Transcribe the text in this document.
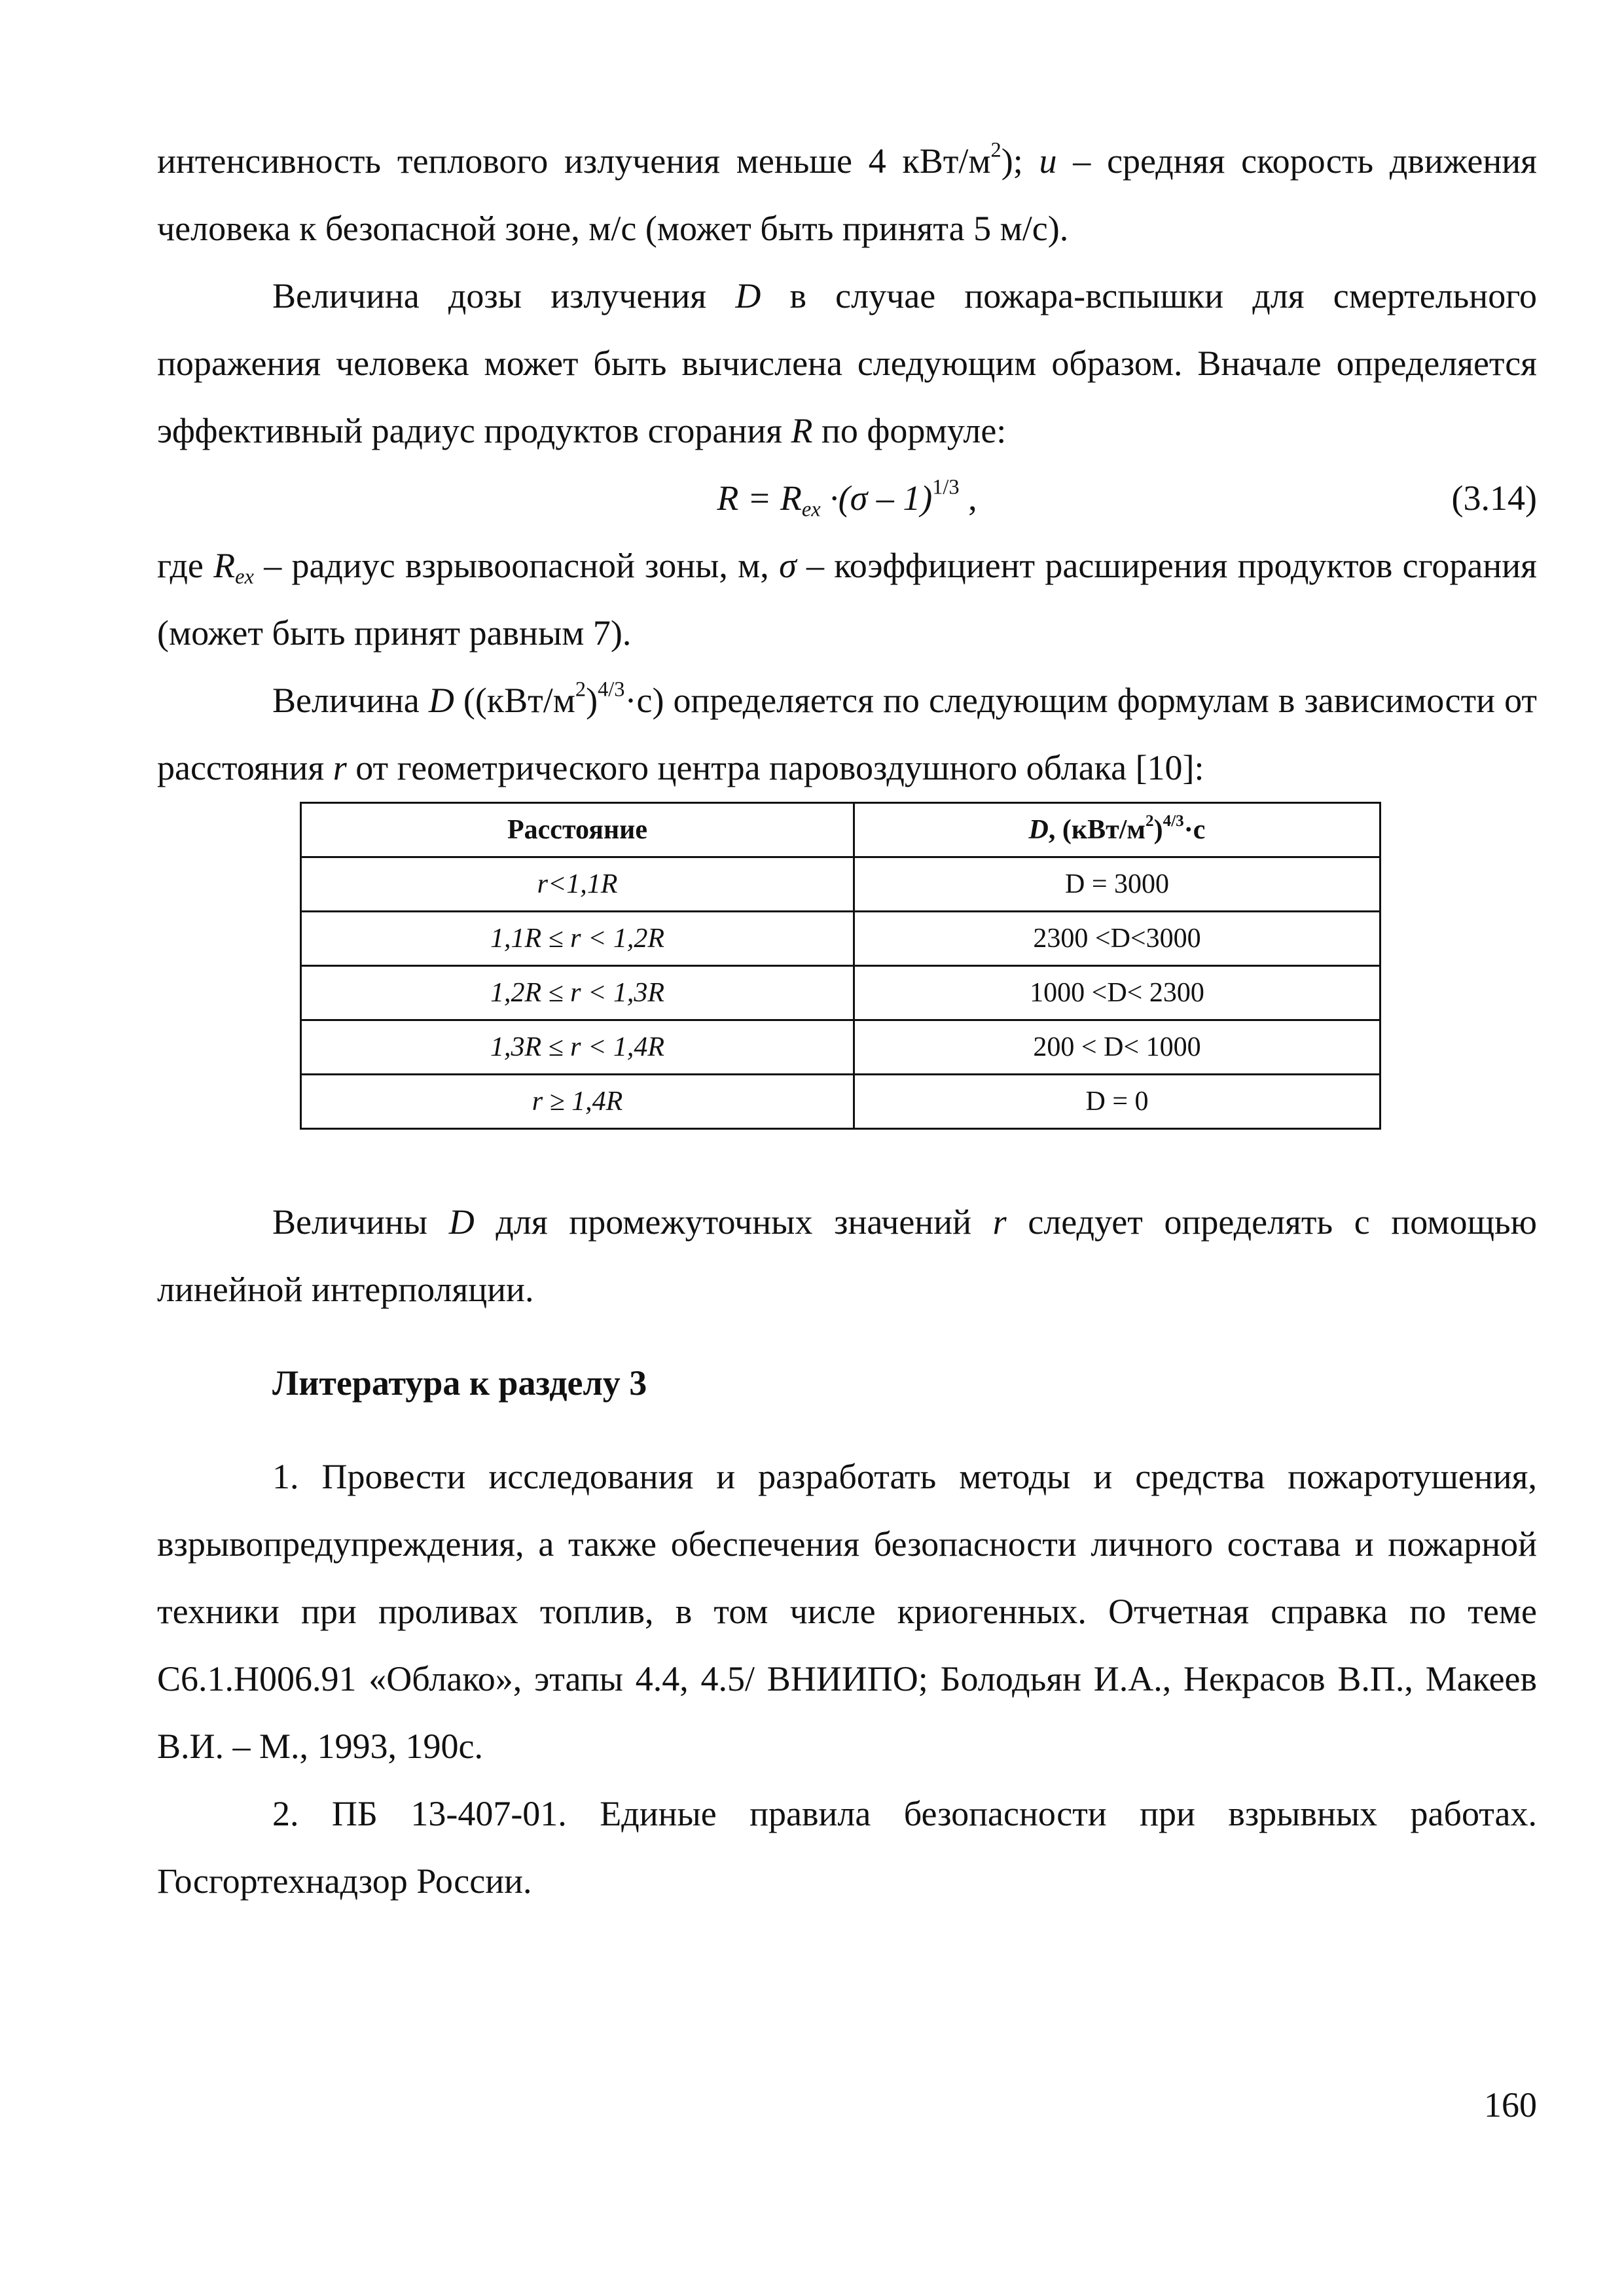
интенсивность теплового излучения меньше 4 кВт/$м^2$); u – средняя скорость движения человека к безопасной зоне, м/с (может быть принята 5 м/с).

Величина дозы излучения D в случае пожара-вспышки для смертельного поражения человека может быть вычислена следующим образом. Вначале определяется эффективный радиус продуктов сгорания R по формуле:

$R = R_{ex} \cdot(\sigma - 1)^{1/3}$ ,	(3.14)

где $R_{ex}$ – радиус взрывоопасной зоны, м, σ – коэффициент расширения продуктов сгорания (может быть принят равным 7).

Величина D $((кВт/м^2)^{4/3}\cdot с)$ определяется по следующим формулам в зависимости от расстояния r от геометрического центра паровоздушного облака [10]:

Расстояние	D, $(кВт/м^2)^{4/3}\cdot с$
r<1,1R	D = 3000
1,1R ≤ r < 1,2R	2300 <D<3000
1,2R ≤ r < 1,3R	1000 <D< 2300
1,3R ≤ r < 1,4R	200 < D< 1000
r ≥ 1,4R	D = 0

Величины D для промежуточных значений r следует определять с помощью линейной интерполяции.

Литература к разделу 3

1. Провести исследования и разработать методы и средства пожаротушения, взрывопредупреждения, а также обеспечения безопасности личного состава и пожарной техники при проливах топлив, в том числе криогенных. Отчетная справка по теме С6.1.Н006.91 «Облако», этапы 4.4, 4.5/ ВНИИПО; Болодьян И.А., Некрасов В.П., Макеев В.И. – М., 1993, 190с.

2. ПБ 13-407-01. Единые правила безопасности при взрывных работах. Госгортехнадзор России.

160
